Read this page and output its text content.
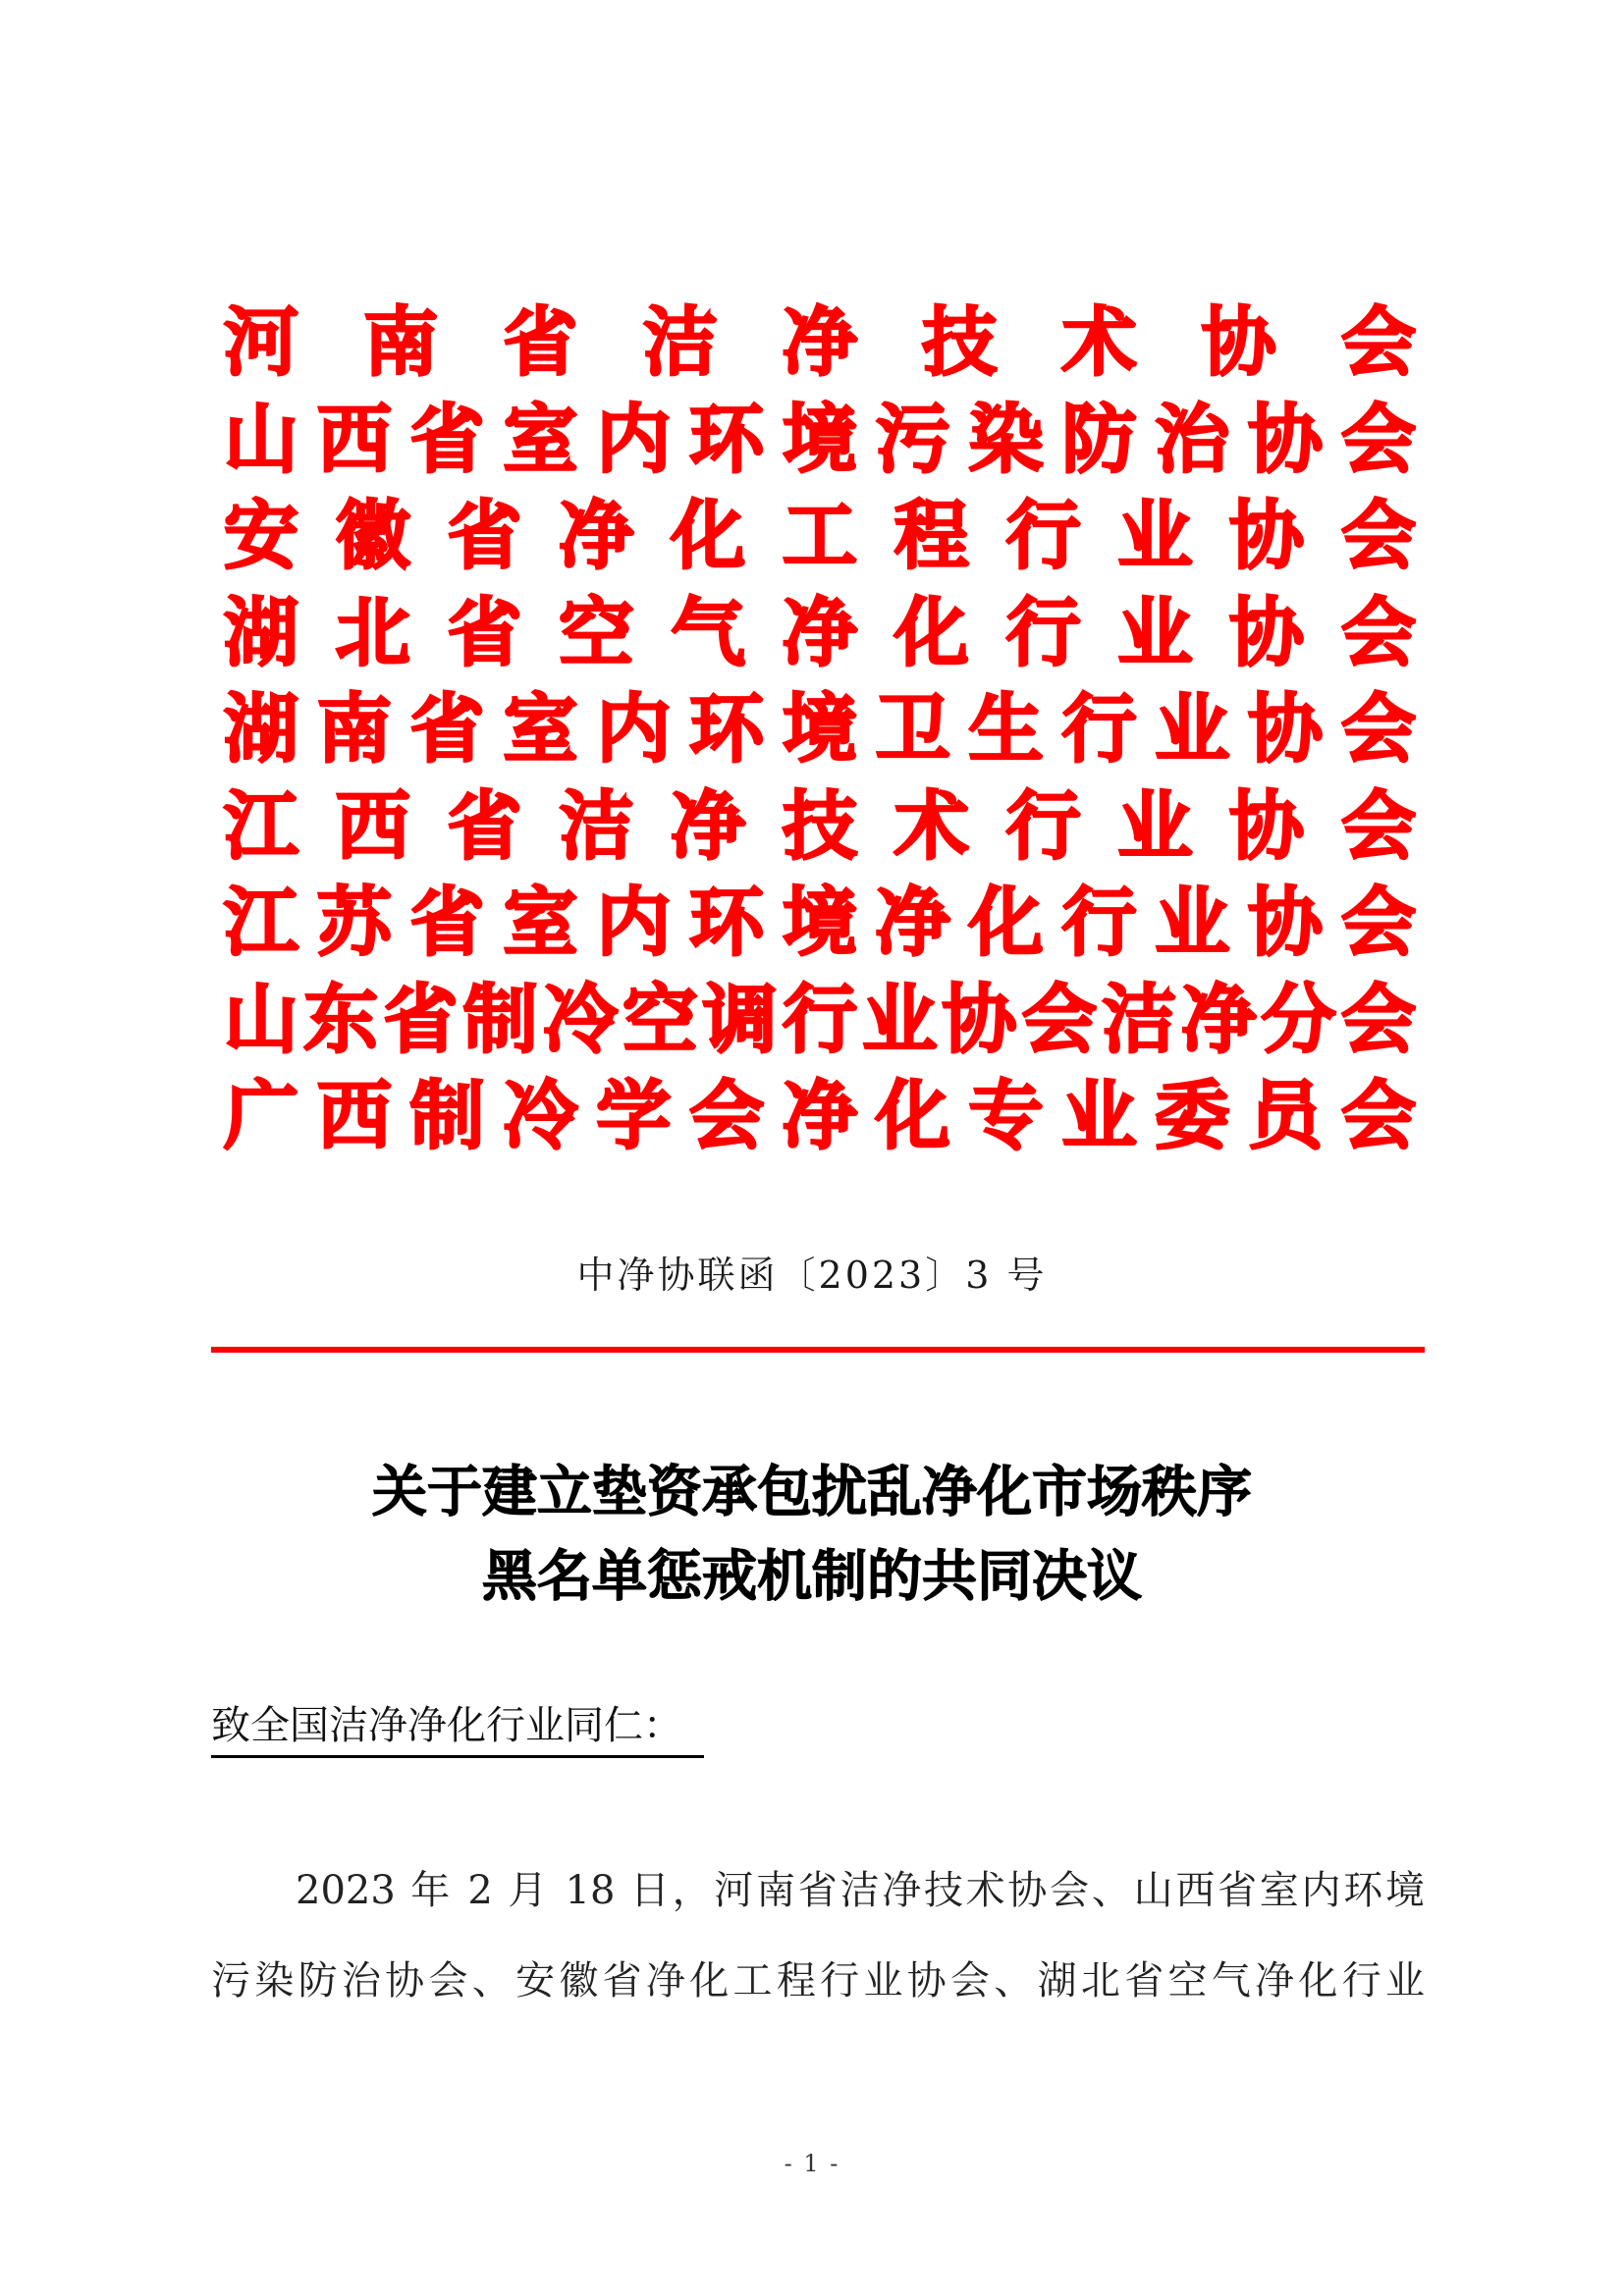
河 南 省 洁 净 技 术 协 会
山 西 省 室 内 环 境 污 染 防 治 协 会
安 徽 省 净 化 工 程 行 业 协 会
湖 北 省 空 气 净 化 行 业 协 会
湖 南 省 室 内 环 境 卫 生 行 业 协 会
江 西 省 洁 净 技 术 行 业 协 会
江 苏 省 室 内 环 境 净 化 行 业 协 会
山 东 省 制 冷 空 调 行 业 协 会 洁 净 分 会
广 西 制 冷 学 会 净 化 专 业 委 员 会
中净协联函〔2023〕3 号
关于建立垫资承包扰乱净化市场秩序
黑名单惩戒机制的共同决议
致全国洁净净化行业同仁：
2023 年 2 月 18 日，河南省洁净技术协会、山西省室内环境
污染防治协会、安徽省净化工程行业协会、湖北省空气净化行业
- 1 -
